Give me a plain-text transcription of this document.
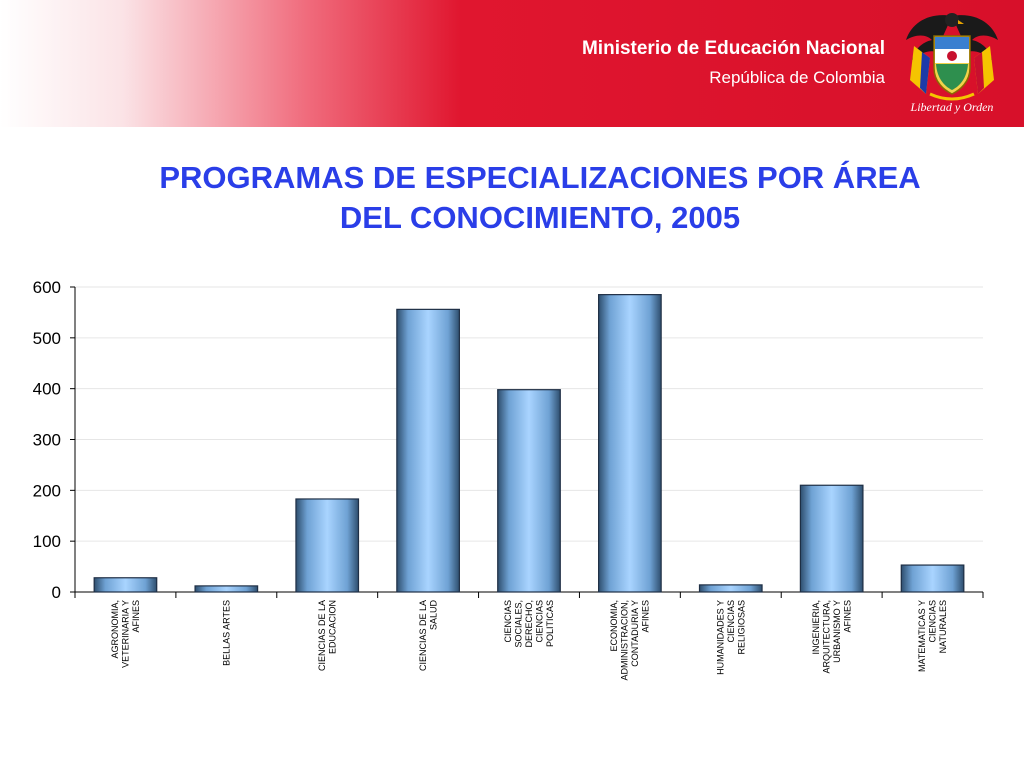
Ministerio de Educación Nacional
República de Colombia
Libertad y Orden
PROGRAMAS DE ESPECIALIZACIONES POR ÁREA
DEL CONOCIMIENTO, 2005
0
100
200
300
400
500
600
AGRONOMIA,VETERINARIA YAFINES	BELLAS ARTES	CIENCIAS DE LAEDUCACION	CIENCIAS DE LASALUD	CIENCIASSOCIALES,DERECHO,CIENCIASPOLITICAS	ECONOMIA,ADMINISTRACION,CONTADURIA YAFINES	HUMANIDADES YCIENCIASRELIGIOSAS	INGENIERIA,ARQUITECTURA,URBANISMO YAFINES	MATEMATICAS YCIENCIASNATURALES
